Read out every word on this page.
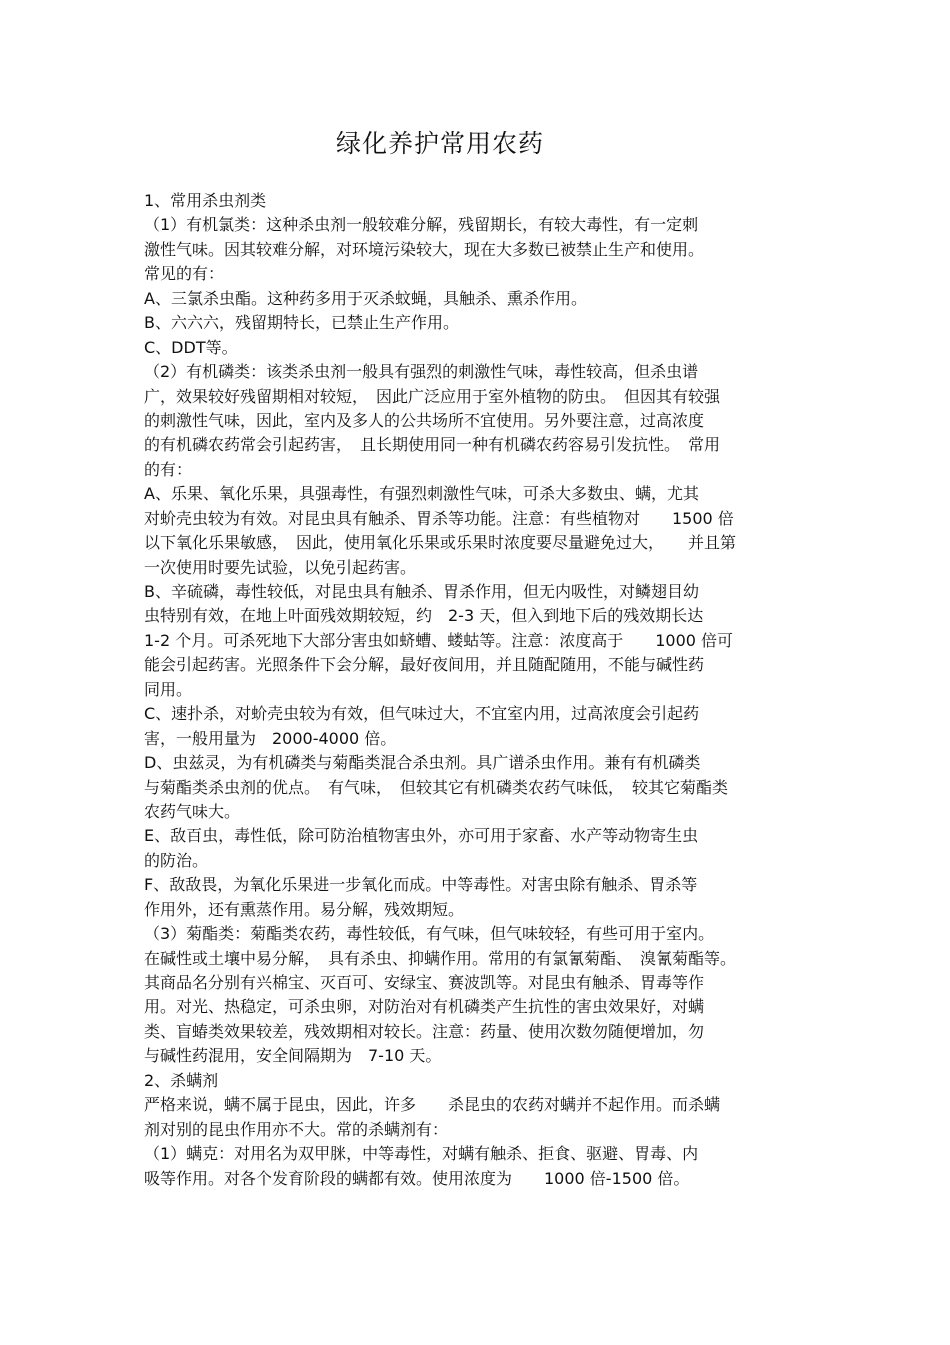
绿化养护常用农药
1、常用杀虫剂类
（1）有机氯类：这种杀虫剂一般较难分解，残留期长，有较大毒性，有一定刺
激性气味。因其较难分解，对环境污染较大，现在大多数已被禁止生产和使用。
常见的有：
A、三氯杀虫酯。这种药多用于灭杀蚊蝇，具触杀、熏杀作用。
B、六六六，残留期特长，已禁止生产作用。
C、DDT等。
（2）有机磷类：该类杀虫剂一般具有强烈的刺激性气味，毒性较高，但杀虫谱
广，效果较好残留期相对较短，　因此广泛应用于室外植物的防虫。　但因其有较强
的刺激性气味，因此，室内及多人的公共场所不宜使用。另外要注意，过高浓度
的有机磷农药常会引起药害，　且长期使用同一种有机磷农药容易引发抗性。　常用
的有：
A、乐果、氧化乐果，具强毒性，有强烈刺激性气味，可杀大多数虫、螨，尤其
对蚧壳虫较为有效。对昆虫具有触杀、胃杀等功能。注意：有些植物对　　1500 倍
以下氧化乐果敏感，　因此，使用氧化乐果或乐果时浓度要尽量避免过大，　　并且第
一次使用时要先试验，以免引起药害。
B、辛硫磷，毒性较低，对昆虫具有触杀、胃杀作用，但无内吸性，对鳞翅目幼
虫特别有效，在地上叶面残效期较短，约　2-3 天，但入到地下后的残效期长达
1-2 个月。可杀死地下大部分害虫如蛴螬、蝼蛄等。注意：浓度高于　　1000 倍可
能会引起药害。光照条件下会分解，最好夜间用，并且随配随用，不能与碱性药
同用。
C、速扑杀，对蚧壳虫较为有效，但气味过大，不宜室内用，过高浓度会引起药
害，一般用量为　2000-4000 倍。
D、虫兹灵，为有机磷类与菊酯类混合杀虫剂。具广谱杀虫作用。兼有有机磷类
与菊酯类杀虫剂的优点。　有气味，　但较其它有机磷类农药气味低，　较其它菊酯类
农药气味大。
E、敌百虫，毒性低，除可防治植物害虫外，亦可用于家畜、水产等动物寄生虫
的防治。
F、敌敌畏，为氧化乐果进一步氧化而成。中等毒性。对害虫除有触杀、胃杀等
作用外，还有熏蒸作用。易分解，残效期短。
（3）菊酯类：菊酯类农药，毒性较低，有气味，但气味较轻，有些可用于室内。
在碱性或土壤中易分解，　具有杀虫、抑螨作用。常用的有氯氰菊酯、　溴氰菊酯等。
其商品名分别有兴棉宝、灭百可、安绿宝、赛波凯等。对昆虫有触杀、胃毒等作
用。对光、热稳定，可杀虫卵，对防治对有机磷类产生抗性的害虫效果好，对螨
类、盲蝽类效果较差，残效期相对较长。注意：药量、使用次数勿随便增加，勿
与碱性药混用，安全间隔期为　7-10 天。
2、杀螨剂
严格来说，螨不属于昆虫，因此，许多　　杀昆虫的农药对螨并不起作用。而杀螨
剂对别的昆虫作用亦不大。常的杀螨剂有：
（1）螨克：对用名为双甲脒，中等毒性，对螨有触杀、拒食、驱避、胃毒、内
吸等作用。对各个发育阶段的螨都有效。使用浓度为　　1000 倍-1500 倍。
